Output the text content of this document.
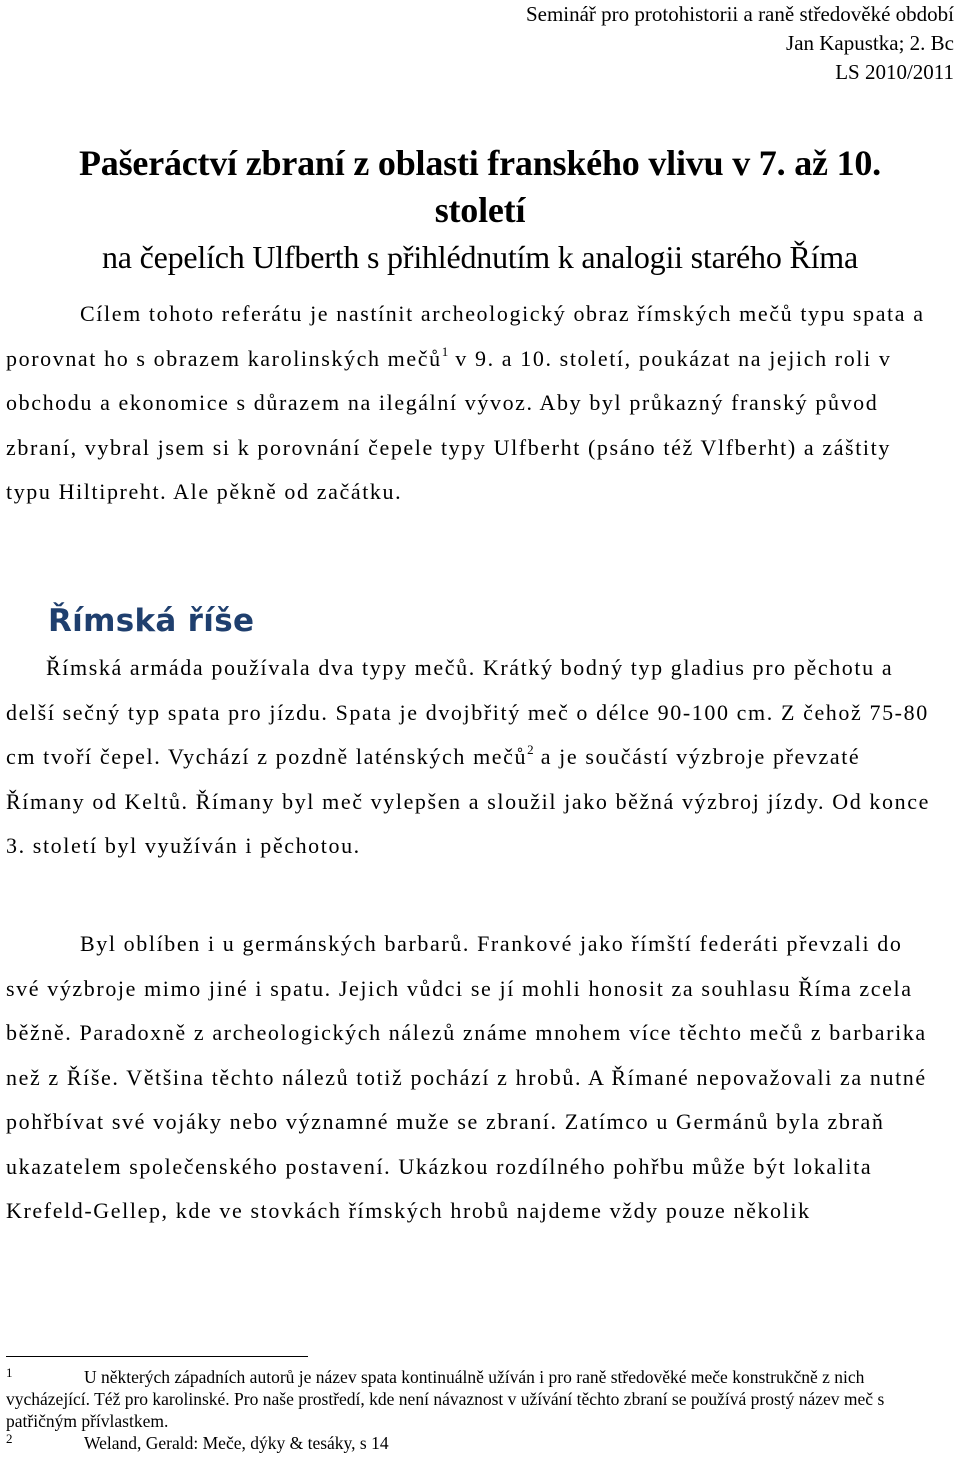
Seminář pro protohistorii a raně středověké období
Jan Kapustka; 2. Bc
LS 2010/2011
Pašeráctví zbraní z oblasti franského vlivu v 7. až 10.
století
na čepelích Ulfberth s přihlédnutím k analogii starého Říma
Cílem tohoto referátu je nastínit archeologický obraz římských mečů typu spata a porovnat ho s obrazem karolinských mečů$^1$ v 9. a 10. století, poukázat na jejich roli v obchodu a ekonomice s důrazem na ilegální vývoz. Aby byl průkazný franský původ zbraní, vybral jsem si k porovnání čepele typy Ulfberht (psáno též Vlfberht) a záštity typu Hiltipreht. Ale pěkně od začátku.
Římská říše
Římská armáda používala dva typy mečů. Krátký bodný typ gladius pro pěchotu a delší sečný typ spata pro jízdu. Spata je dvojbřitý meč o délce 90-100 cm. Z čehož 75-80 cm tvoří čepel. Vychází z pozdně laténských mečů$^2$ a je součástí výzbroje převzaté Římany od Keltů. Římany byl meč vylepšen a sloužil jako běžná výzbroj jízdy. Od konce 3. století byl využíván i pěchotou.
Byl oblíben i u germánských barbarů. Frankové jako římští federáti převzali do své výzbroje mimo jiné i spatu. Jejich vůdci se jí mohli honosit za souhlasu Říma zcela běžně. Paradoxně z archeologických nálezů známe mnohem více těchto mečů z barbarika než z Říše. Většina těchto nálezů totiž pochází z hrobů. A Římané nepovažovali za nutné pohřbívat své vojáky nebo významné muže se zbraní. Zatímco u Germánů byla zbraň ukazatelem společenského postavení. Ukázkou rozdílného pohřbu může být lokalita Krefeld-Gellep, kde ve stovkách římských hrobů najdeme vždy pouze několik
1	U některých západních autorů je název spata kontinuálně užíván i pro raně středověké meče konstrukčně z nich vycházející. Též pro karolinské. Pro naše prostředí, kde není návaznost v užívání těchto zbraní se používá prostý název meč s patřičným přívlastkem.
2	Weland, Gerald: Meče, dýky & tesáky, s 14
